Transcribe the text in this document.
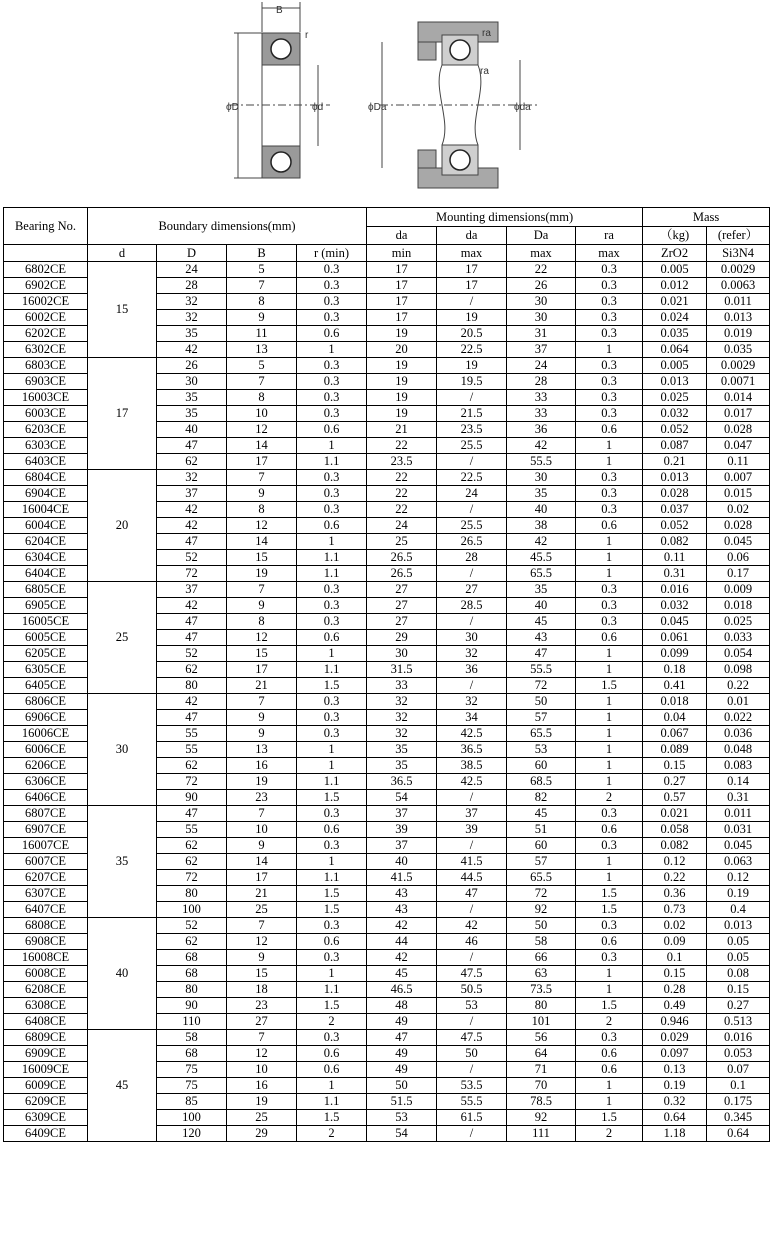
B
r
ϕD	ϕd
ra
ra
ϕDa	ϕda
Bearing No.	Boundary dimensions(mm)				Mounting dimensions(mm)				Mass	
					da	da	Da	ra	（kg)	(refer）
	d	D	B	r (min)	min	max	max	max	ZrO2	Si3N4
6802CE	15	24	5	0.3	17	17	22	0.3	0.005	0.0029
6902CE		28	7	0.3	17	17	26	0.3	0.012	0.0063
16002CE		32	8	0.3	17	/	30	0.3	0.021	0.011
6002CE		32	9	0.3	17	19	30	0.3	0.024	0.013
6202CE		35	11	0.6	19	20.5	31	0.3	0.035	0.019
6302CE		42	13	1	20	22.5	37	1	0.064	0.035
6803CE	17	26	5	0.3	19	19	24	0.3	0.005	0.0029
6903CE		30	7	0.3	19	19.5	28	0.3	0.013	0.0071
16003CE		35	8	0.3	19	/	33	0.3	0.025	0.014
6003CE		35	10	0.3	19	21.5	33	0.3	0.032	0.017
6203CE		40	12	0.6	21	23.5	36	0.6	0.052	0.028
6303CE		47	14	1	22	25.5	42	1	0.087	0.047
6403CE		62	17	1.1	23.5	/	55.5	1	0.21	0.11
6804CE	20	32	7	0.3	22	22.5	30	0.3	0.013	0.007
6904CE		37	9	0.3	22	24	35	0.3	0.028	0.015
16004CE		42	8	0.3	22	/	40	0.3	0.037	0.02
6004CE		42	12	0.6	24	25.5	38	0.6	0.052	0.028
6204CE		47	14	1	25	26.5	42	1	0.082	0.045
6304CE		52	15	1.1	26.5	28	45.5	1	0.11	0.06
6404CE		72	19	1.1	26.5	/	65.5	1	0.31	0.17
6805CE	25	37	7	0.3	27	27	35	0.3	0.016	0.009
6905CE		42	9	0.3	27	28.5	40	0.3	0.032	0.018
16005CE		47	8	0.3	27	/	45	0.3	0.045	0.025
6005CE		47	12	0.6	29	30	43	0.6	0.061	0.033
6205CE		52	15	1	30	32	47	1	0.099	0.054
6305CE		62	17	1.1	31.5	36	55.5	1	0.18	0.098
6405CE		80	21	1.5	33	/	72	1.5	0.41	0.22
6806CE	30	42	7	0.3	32	32	50	1	0.018	0.01
6906CE		47	9	0.3	32	34	57	1	0.04	0.022
16006CE		55	9	0.3	32	42.5	65.5	1	0.067	0.036
6006CE		55	13	1	35	36.5	53	1	0.089	0.048
6206CE		62	16	1	35	38.5	60	1	0.15	0.083
6306CE		72	19	1.1	36.5	42.5	68.5	1	0.27	0.14
6406CE		90	23	1.5	54	/	82	2	0.57	0.31
6807CE	35	47	7	0.3	37	37	45	0.3	0.021	0.011
6907CE		55	10	0.6	39	39	51	0.6	0.058	0.031
16007CE		62	9	0.3	37	/	60	0.3	0.082	0.045
6007CE		62	14	1	40	41.5	57	1	0.12	0.063
6207CE		72	17	1.1	41.5	44.5	65.5	1	0.22	0.12
6307CE		80	21	1.5	43	47	72	1.5	0.36	0.19
6407CE		100	25	1.5	43	/	92	1.5	0.73	0.4
6808CE	40	52	7	0.3	42	42	50	0.3	0.02	0.013
6908CE		62	12	0.6	44	46	58	0.6	0.09	0.05
16008CE		68	9	0.3	42	/	66	0.3	0.1	0.05
6008CE		68	15	1	45	47.5	63	1	0.15	0.08
6208CE		80	18	1.1	46.5	50.5	73.5	1	0.28	0.15
6308CE		90	23	1.5	48	53	80	1.5	0.49	0.27
6408CE		110	27	2	49	/	101	2	0.946	0.513
6809CE	45	58	7	0.3	47	47.5	56	0.3	0.029	0.016
6909CE		68	12	0.6	49	50	64	0.6	0.097	0.053
16009CE		75	10	0.6	49	/	71	0.6	0.13	0.07
6009CE		75	16	1	50	53.5	70	1	0.19	0.1
6209CE		85	19	1.1	51.5	55.5	78.5	1	0.32	0.175
6309CE		100	25	1.5	53	61.5	92	1.5	0.64	0.345
6409CE		120	29	2	54	/	111	2	1.18	0.64
